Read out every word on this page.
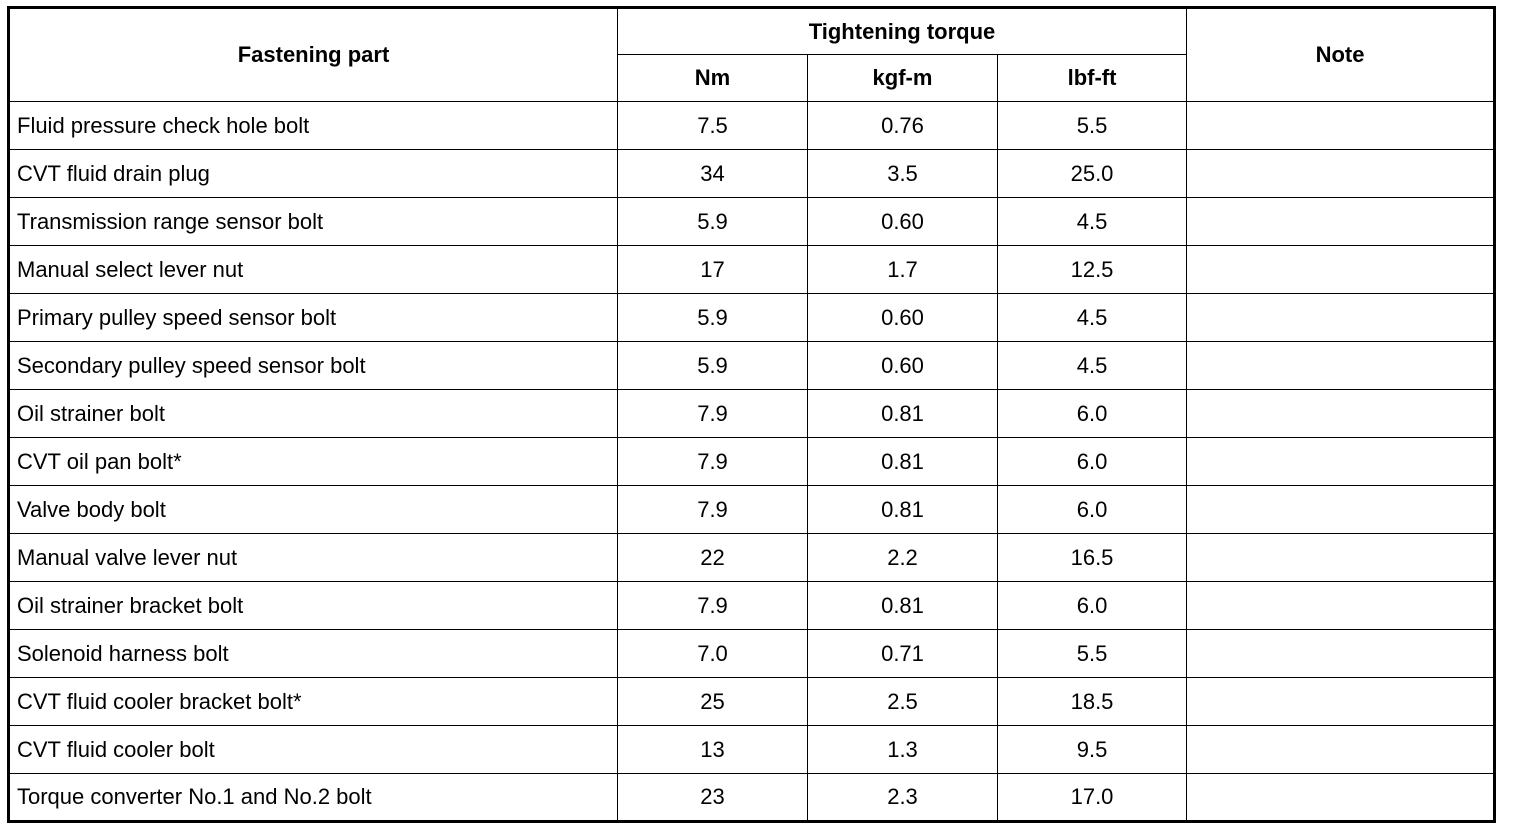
Fastening part	Tightening torque			Note
	Nm	kgf-m	lbf-ft	
Fluid pressure check hole bolt	7.5	0.76	5.5	
CVT fluid drain plug	34	3.5	25.0	
Transmission range sensor bolt	5.9	0.60	4.5	
Manual select lever nut	17	1.7	12.5	
Primary pulley speed sensor bolt	5.9	0.60	4.5	
Secondary pulley speed sensor bolt	5.9	0.60	4.5	
Oil strainer bolt	7.9	0.81	6.0	
CVT oil pan bolt*	7.9	0.81	6.0	
Valve body bolt	7.9	0.81	6.0	
Manual valve lever nut	22	2.2	16.5	
Oil strainer bracket bolt	7.9	0.81	6.0	
Solenoid harness bolt	7.0	0.71	5.5	
CVT fluid cooler bracket bolt*	25	2.5	18.5	
CVT fluid cooler bolt	13	1.3	9.5	
Torque converter No.1 and No.2 bolt	23	2.3	17.0	
